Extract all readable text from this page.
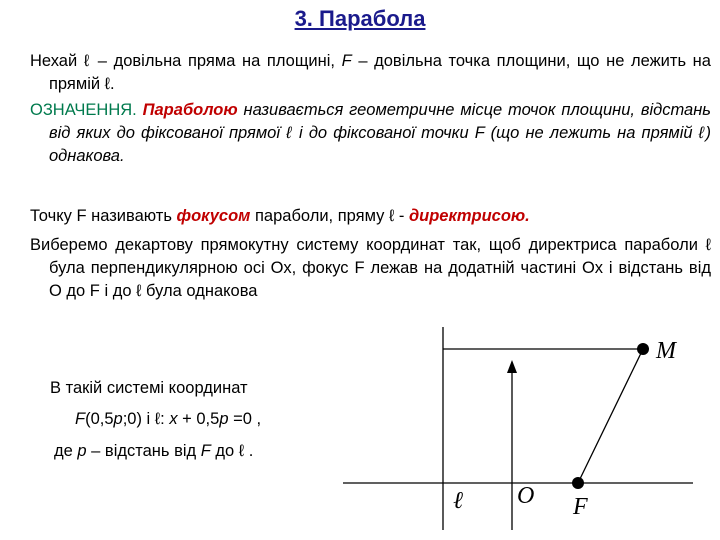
3. Парабола
Нехай ℓ – довільна пряма на площині, F – довільна точка площини, що не лежить на прямій ℓ.
ОЗНАЧЕННЯ. Параболою називається геометричне місце точок площини, відстань від яких до фіксованої прямої ℓ і до фіксованої точки F (що не лежить на прямій ℓ) однакова.
Точку F називають фокусом параболи, пряму ℓ - директрисою.
Виберемо декартову прямокутну систему координат так, щоб директриса параболи ℓ була перпендикулярною осі Ох, фокус F лежав на додатній частині Ох і відстань від О до F і до ℓ була однакова
В такій системі координат
F(0,5p;0) і ℓ: x + 0,5p =0 ,
де p – відстань від F до ℓ .
M
O F
ℓ
